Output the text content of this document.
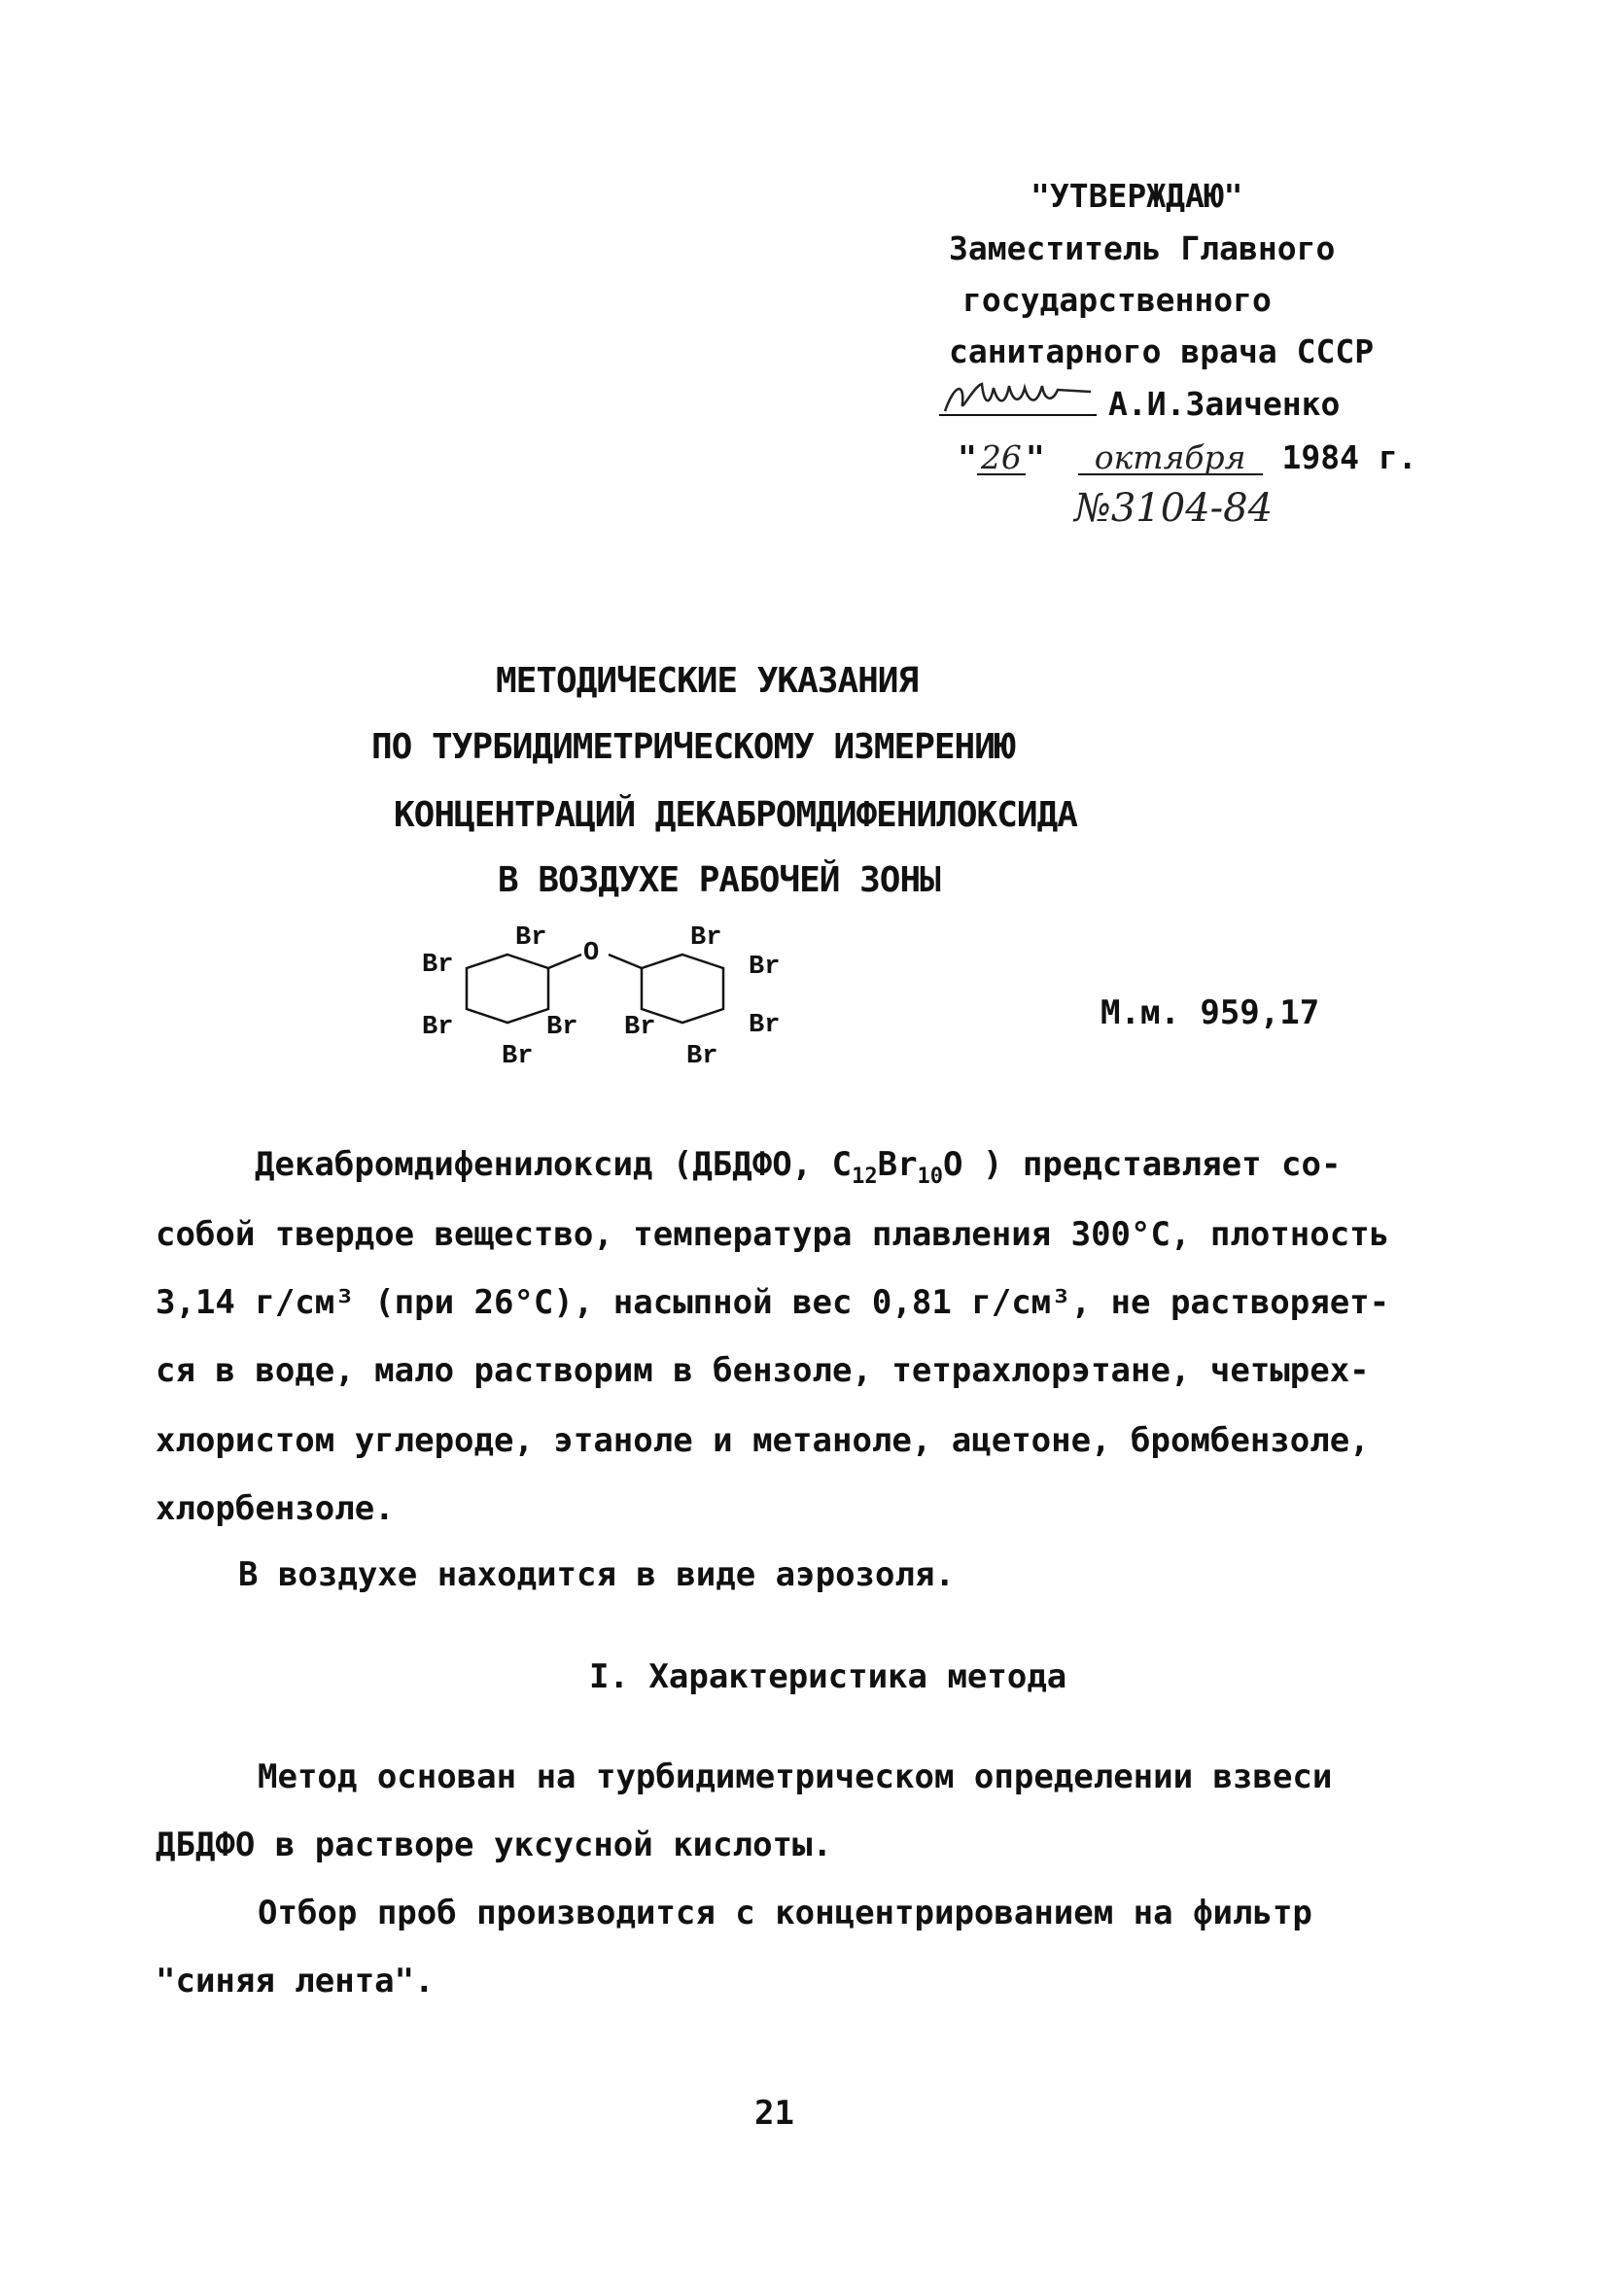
"УТВЕРЖДАЮ"
Заместитель Главного
государственного
санитарного врача СССР
А.И.Заиченко
" 26 " октября 1984 г.
№3104-84
МЕТОДИЧЕСКИЕ УКАЗАНИЯ
ПО ТУРБИДИМЕТРИЧЕСКОМУ ИЗМЕРЕНИЮ
КОНЦЕНТРАЦИЙ ДЕКАБРОМДИФЕНИЛОКСИДА
В ВОЗДУХЕ РАБОЧЕЙ ЗОНЫ
Br
Br
Br	Br
Br
O
Br
Br
Br
Br
Br
М.м. 959,17
Декабромдифенилоксид (ДБДФО, $C_{12}Br_{10}O$ ) представляет со-
собой твердое вещество, температура плавления 300°C, плотность
3,14 г/см³ (при 26°C), насыпной вес 0,81 г/см³, не растворяет-
ся в воде, мало растворим в бензоле, тетрахлорэтане, четырех-
хлористом углероде, этаноле и метаноле, ацетоне, бромбензоле,
хлорбензоле.
В воздухе находится в виде аэрозоля.
I. Характеристика метода
Метод основан на турбидиметрическом определении взвеси
ДБДФО в растворе уксусной кислоты.
Отбор проб производится с концентрированием на фильтр
"синяя лента".
21
